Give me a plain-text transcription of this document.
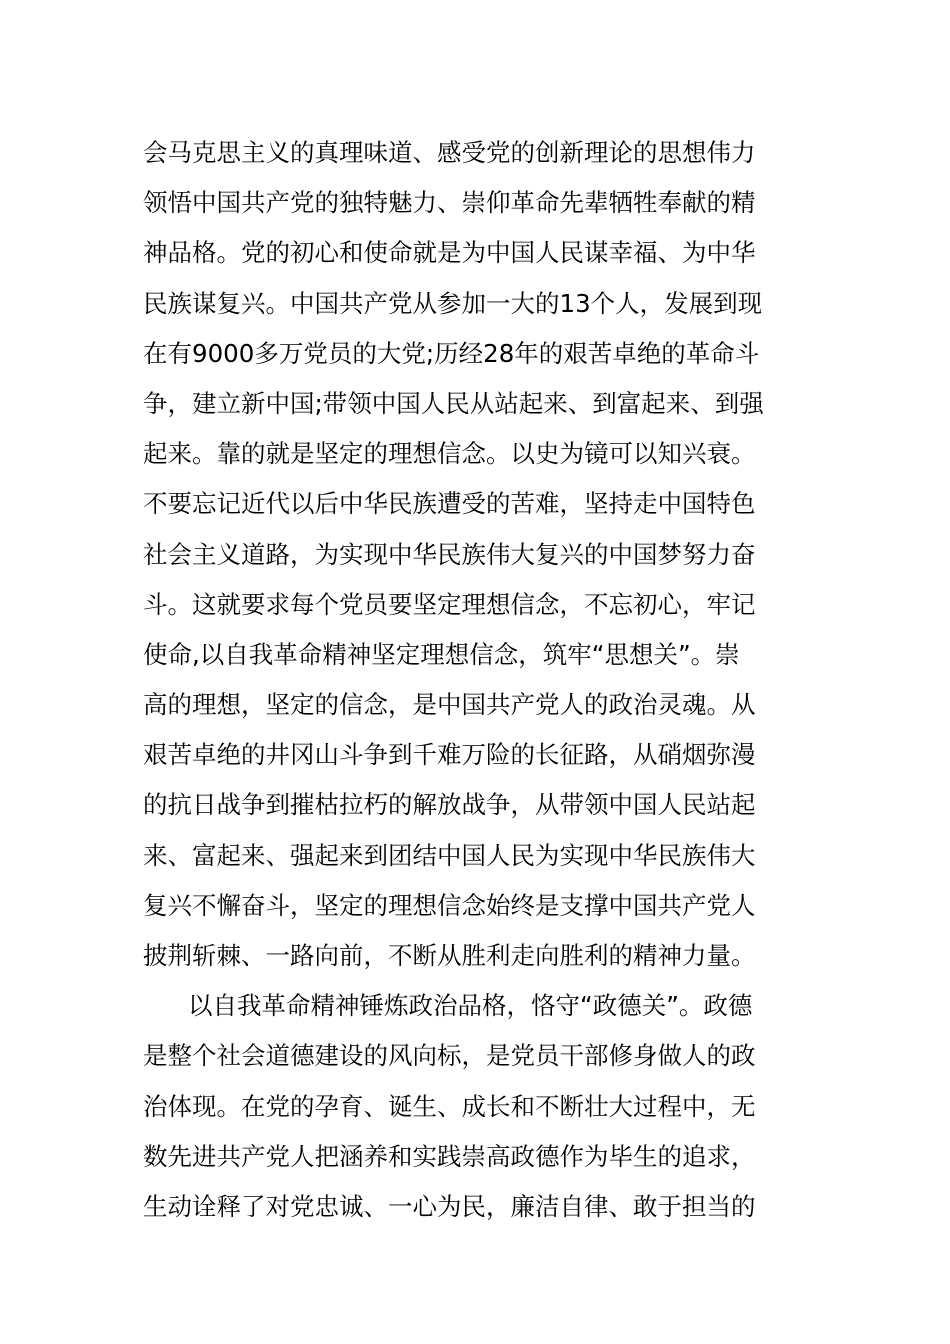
会马克思主义的真理味道、感受党的创新理论的思想伟力
领悟中国共产党的独特魅力、崇仰革命先辈牺牲奉献的精
神品格。党的初心和使命就是为中国人民谋幸福、为中华
民族谋复兴。中国共产党从参加一大的13个人，发展到现
在有9000多万党员的大党;历经28年的艰苦卓绝的革命斗
争，建立新中国;带领中国人民从站起来、到富起来、到强
起来。靠的就是坚定的理想信念。以史为镜可以知兴衰。
不要忘记近代以后中华民族遭受的苦难，坚持走中国特色
社会主义道路，为实现中华民族伟大复兴的中国梦努力奋
斗。这就要求每个党员要坚定理想信念，不忘初心，牢记
使命,以自我革命精神坚定理想信念，筑牢“思想关”。崇
高的理想，坚定的信念，是中国共产党人的政治灵魂。从
艰苦卓绝的井冈山斗争到千难万险的长征路，从硝烟弥漫
的抗日战争到摧枯拉朽的解放战争，从带领中国人民站起
来、富起来、强起来到团结中国人民为实现中华民族伟大
复兴不懈奋斗，坚定的理想信念始终是支撑中国共产党人
披荆斩棘、一路向前，不断从胜利走向胜利的精神力量。
以自我革命精神锤炼政治品格，恪守“政德关”。政德
是整个社会道德建设的风向标，是党员干部修身做人的政
治体现。在党的孕育、诞生、成长和不断壮大过程中，无
数先进共产党人把涵养和实践崇高政德作为毕生的追求，
生动诠释了对党忠诚、一心为民，廉洁自律、敢于担当的
